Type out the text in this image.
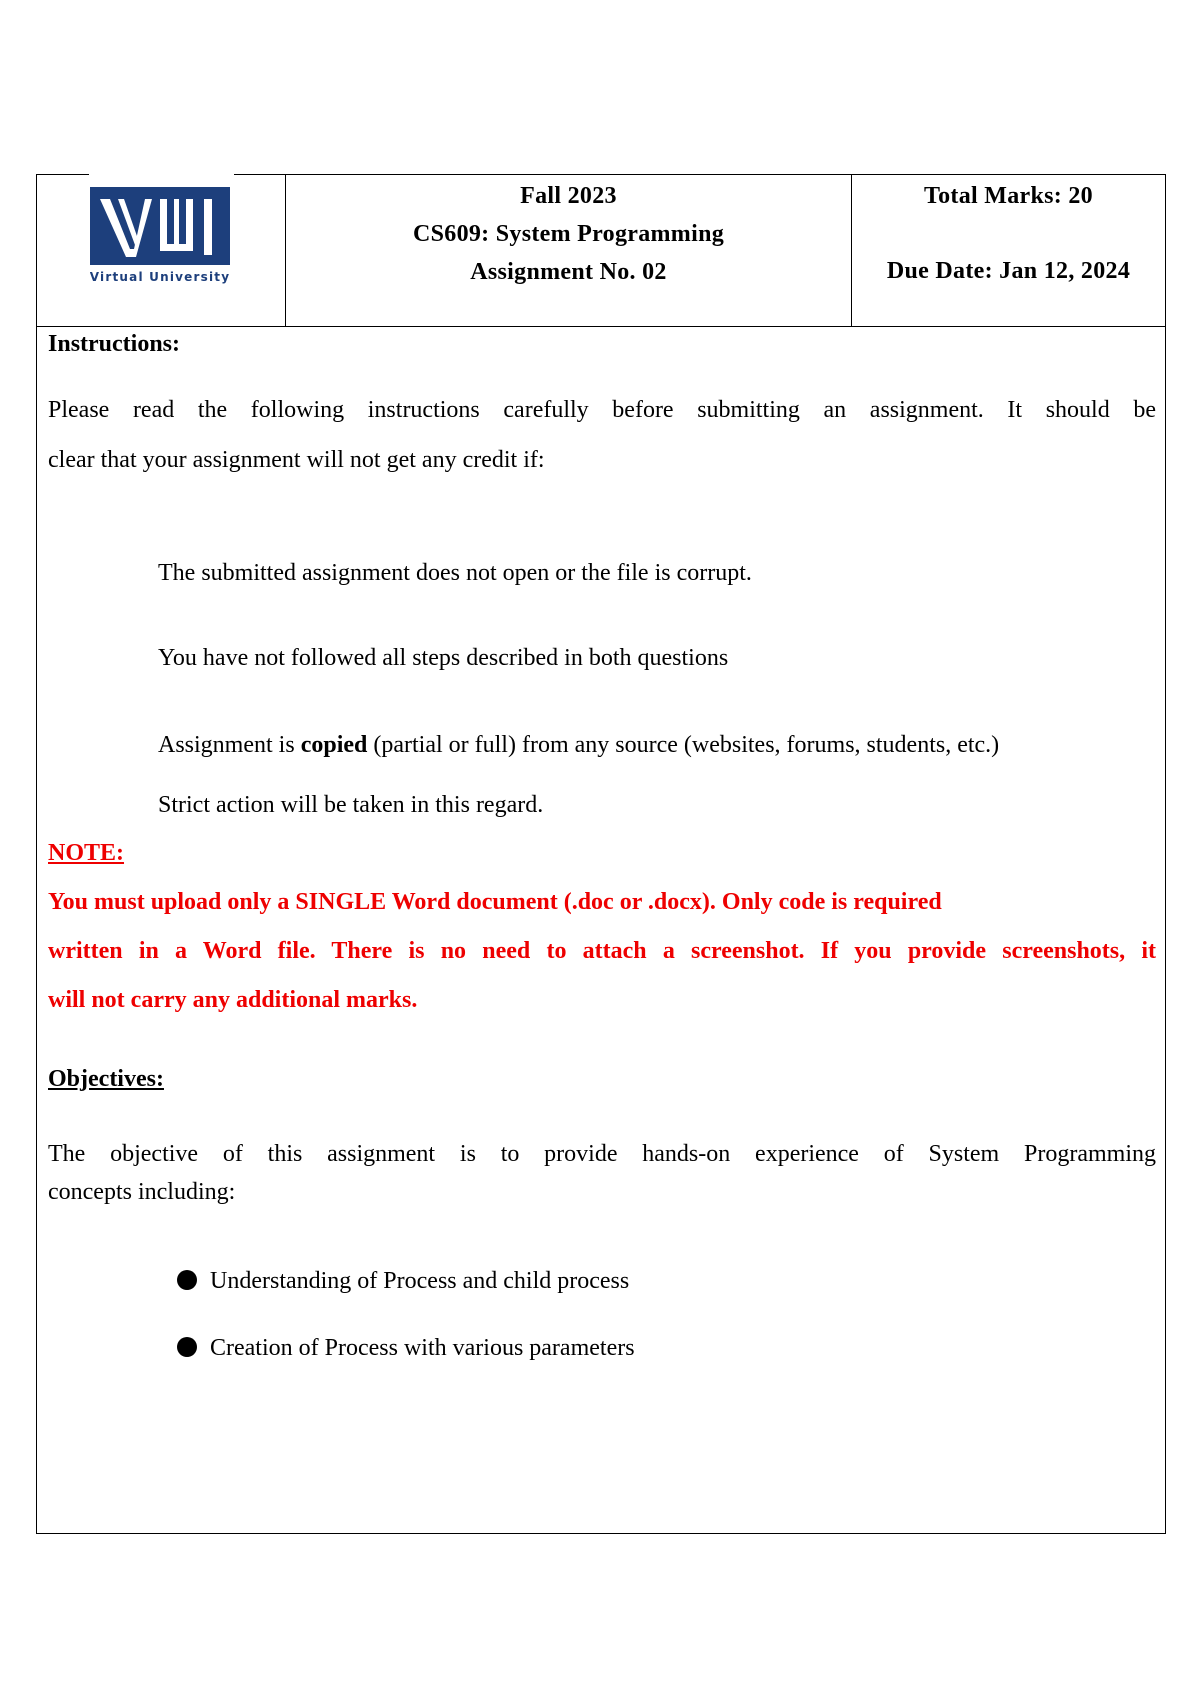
Virtual University
Fall 2023
CS609: System Programming
Assignment No. 02
Total Marks: 20
Due Date: Jan 12, 2024
Instructions:
Please read the following instructions carefully before submitting an assignment. It should be
clear that your assignment will not get any credit if:
The submitted assignment does not open or the file is corrupt.
You have not followed all steps described in both questions
Assignment is copied (partial or full) from any source (websites, forums, students, etc.)
Strict action will be taken in this regard.
NOTE:
You must upload only a SINGLE Word document (.doc or .docx). Only code is required
written in a Word file. There is no need to attach a screenshot. If you provide screenshots, it
will not carry any additional marks.
Objectives:
The objective of this assignment is to provide hands-on experience of System Programming
concepts including:
Understanding of Process and child process
Creation of Process with various parameters
